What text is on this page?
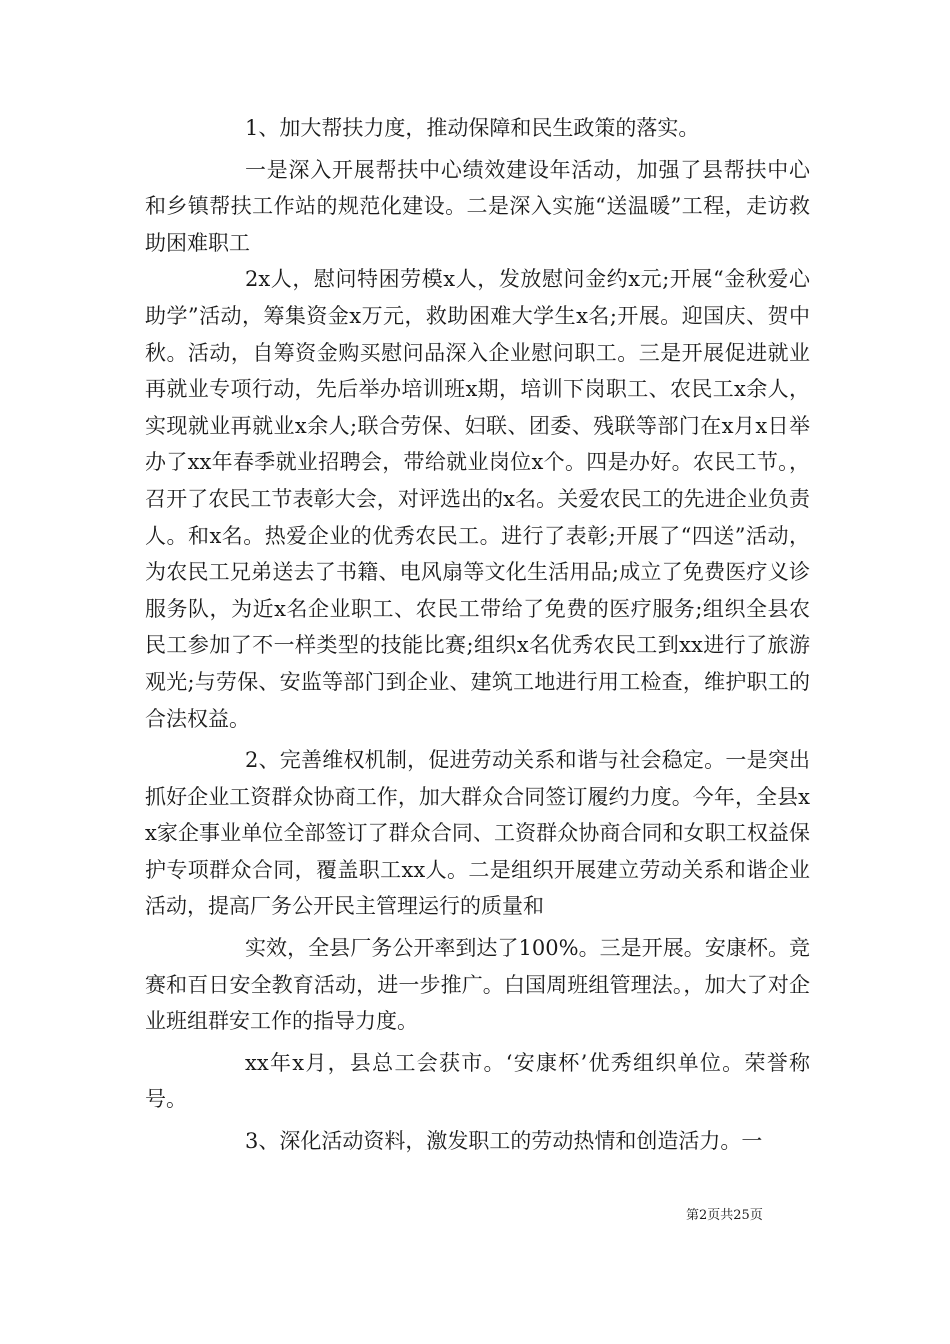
1、加大帮扶力度，推动保障和民生政策的落实。

一是深入开展帮扶中心绩效建设年活动，加强了县帮扶中心和乡镇帮扶工作站的规范化建设。二是深入实施“送温暖”工程，走访救助困难职工

2x人，慰问特困劳模x人，发放慰问金约x元;开展“金秋爱心助学”活动，筹集资金x万元，救助困难大学生x名;开展。迎国庆、贺中秋。活动，自筹资金购买慰问品深入企业慰问职工。三是开展促进就业再就业专项行动，先后举办培训班x期，培训下岗职工、农民工x余人，实现就业再就业x余人;联合劳保、妇联、团委、残联等部门在x月x日举办了xx年春季就业招聘会，带给就业岗位x个。四是办好。农民工节。，召开了农民工节表彰大会，对评选出的x名。关爱农民工的先进企业负责人。和x名。热爱企业的优秀农民工。进行了表彰;开展了“四送”活动，为农民工兄弟送去了书籍、电风扇等文化生活用品;成立了免费医疗义诊服务队，为近x名企业职工、农民工带给了免费的医疗服务;组织全县农民工参加了不一样类型的技能比赛;组织x名优秀农民工到xx进行了旅游观光;与劳保、安监等部门到企业、建筑工地进行用工检查，维护职工的合法权益。

2、完善维权机制，促进劳动关系和谐与社会稳定。一是突出抓好企业工资群众协商工作，加大群众合同签订履约力度。今年，全县xx家企事业单位全部签订了群众合同、工资群众协商合同和女职工权益保护专项群众合同，覆盖职工xx人。二是组织开展建立劳动关系和谐企业活动，提高厂务公开民主管理运行的质量和

实效，全县厂务公开率到达了100%。三是开展。安康杯。竞赛和百日安全教育活动，进一步推广。白国周班组管理法。，加大了对企业班组群安工作的指导力度。

xx年x月，县总工会获市。‘安康杯’优秀组织单位。荣誉称号。

3、深化活动资料，激发职工的劳动热情和创造活力。一

第2页共25页
